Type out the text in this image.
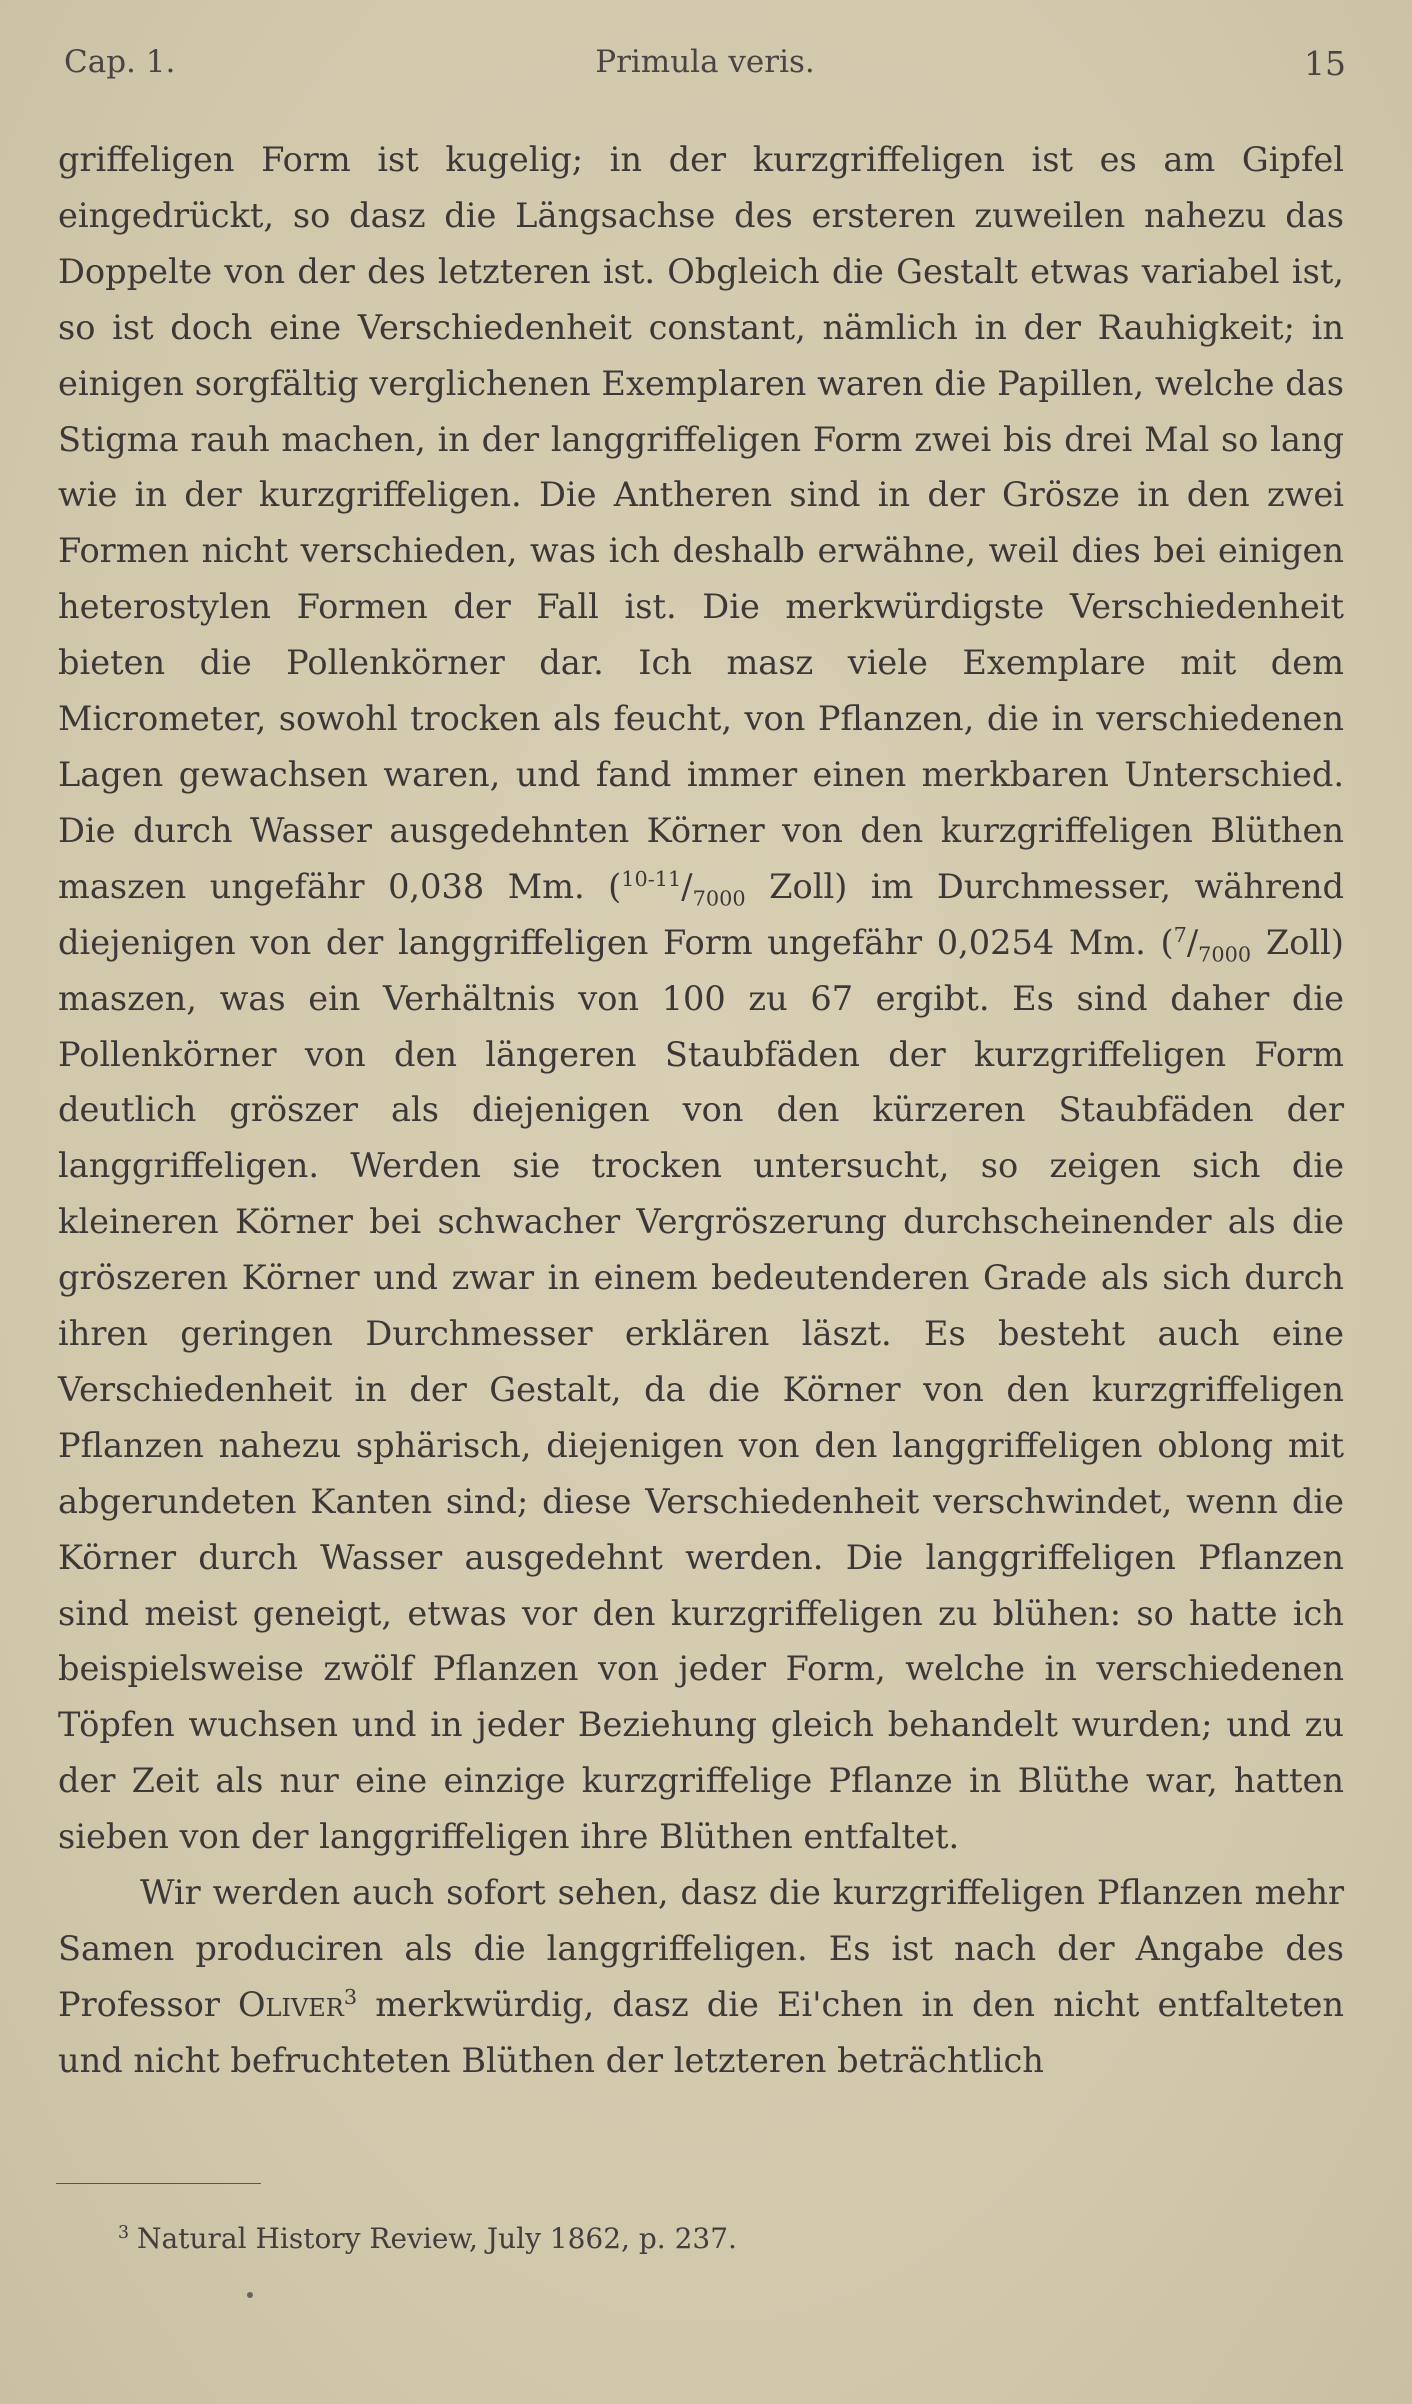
Cap. 1.	Primula veris.	15

griffeligen Form ist kugelig; in der kurzgriffeligen ist es am Gipfel eingedrückt, so dasz die Längsachse des ersteren zuweilen nahezu das Doppelte von der des letzteren ist. Obgleich die Gestalt etwas variabel ist, so ist doch eine Verschiedenheit constant, nämlich in der Rauhigkeit; in einigen sorgfältig verglichenen Exemplaren waren die Papillen, welche das Stigma rauh machen, in der langgriffeligen Form zwei bis drei Mal so lang wie in der kurzgriffeligen. Die Antheren sind in der Grösze in den zwei Formen nicht verschieden, was ich deshalb erwähne, weil dies bei einigen heterostylen Formen der Fall ist. Die merkwürdigste Verschiedenheit bieten die Pollenkörner dar. Ich masz viele Exemplare mit dem Micrometer, sowohl trocken als feucht, von Pflanzen, die in verschiedenen Lagen gewachsen waren, und fand immer einen merkbaren Unterschied. Die durch Wasser ausgedehnten Körner von den kurzgriffeligen Blüthen maszen ungefähr 0,038 Mm. ($^{10-11}/_{7000}$ Zoll) im Durchmesser, während diejenigen von der langgriffeligen Form ungefähr 0,0254 Mm. ($^7/_{7000}$ Zoll) maszen, was ein Verhältnis von 100 zu 67 ergibt. Es sind daher die Pollenkörner von den längeren Staubfäden der kurzgriffeligen Form deutlich gröszer als diejenigen von den kürzeren Staubfäden der langgriffeligen. Werden sie trocken untersucht, so zeigen sich die kleineren Körner bei schwacher Vergröszerung durchscheinender als die gröszeren Körner und zwar in einem bedeutenderen Grade als sich durch ihren geringen Durchmesser erklären läszt. Es besteht auch eine Verschiedenheit in der Gestalt, da die Körner von den kurzgriffeligen Pflanzen nahezu sphärisch, diejenigen von den langgriffeligen oblong mit abgerundeten Kanten sind; diese Verschiedenheit verschwindet, wenn die Körner durch Wasser ausgedehnt werden. Die langgriffeligen Pflanzen sind meist geneigt, etwas vor den kurzgriffeligen zu blühen: so hatte ich beispielsweise zwölf Pflanzen von jeder Form, welche in verschiedenen Töpfen wuchsen und in jeder Beziehung gleich behandelt wurden; und zu der Zeit als nur eine einzige kurzgriffelige Pflanze in Blüthe war, hatten sieben von der langgriffeligen ihre Blüthen entfaltet.

Wir werden auch sofort sehen, dasz die kurzgriffeligen Pflanzen mehr Samen produciren als die langgriffeligen. Es ist nach der Angabe des Professor Oliver$^3$ merkwürdig, dasz die Ei'chen in den nicht entfalteten und nicht befruchteten Blüthen der letzteren beträchtlich

$^3$ Natural History Review, July 1862, p. 237.
